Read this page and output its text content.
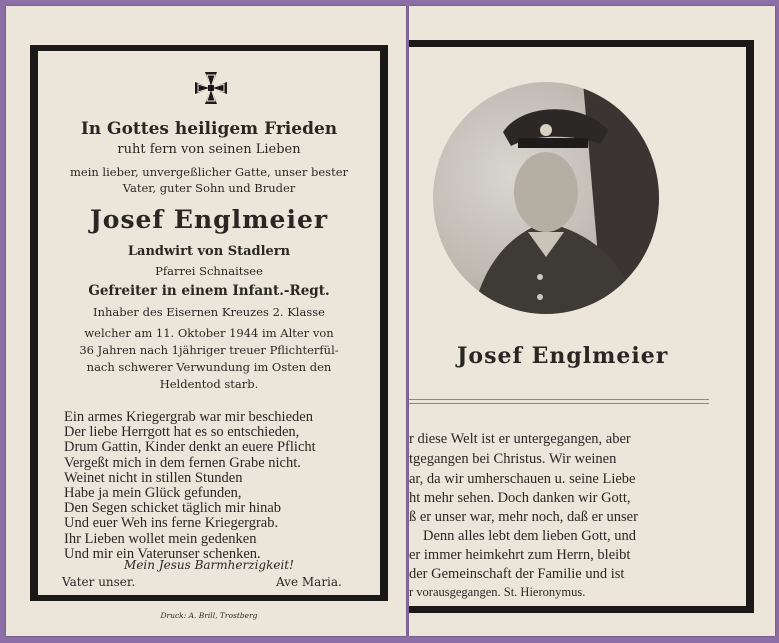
In Gottes heiligem Frieden
ruht fern von seinen Lieben
mein lieber, unvergeßlicher Gatte, unser bester
Vater, guter Sohn und Bruder
Josef Englmeier
Landwirt von Stadlern
Pfarrei Schnaitsee
Gefreiter in einem Infant.-Regt.
Inhaber des Eisernen Kreuzes 2. Klasse
welcher am 11. Oktober 1944 im Alter von
36 Jahren nach 1jähriger treuer Pflichterfül-
nach schwerer Verwundung im Osten den
Heldentod starb.
Ein armes Kriegergrab war mir beschieden
Der liebe Herrgott hat es so entschieden,
Drum Gattin, Kinder denkt an euere Pflicht
Vergeßt mich in dem fernen Grabe nicht.
Weinet nicht in stillen Stunden
Habe ja mein Glück gefunden,
Den Segen schicket täglich mir hinab
Und euer Weh ins ferne Kriegergrab.
Ihr Lieben wollet mein gedenken
Und mir ein Vaterunser schenken.
Mein Jesus Barmherzigkeit!
Vater unser.	Ave Maria.
Druck: A. Brill, Trostberg
Josef Englmeier
r diese Welt ist er untergegangen, aber
tgegangen bei Christus. Wir weinen
ar, da wir umherschauen u. seine Liebe
ht mehr sehen. Doch danken wir Gott,
ß er unser war, mehr noch, daß er unser
Denn alles lebt dem lieben Gott, und
er immer heimkehrt zum Herrn, bleibt
der Gemeinschaft der Familie und ist
r vorausgegangen. St. Hieronymus.
